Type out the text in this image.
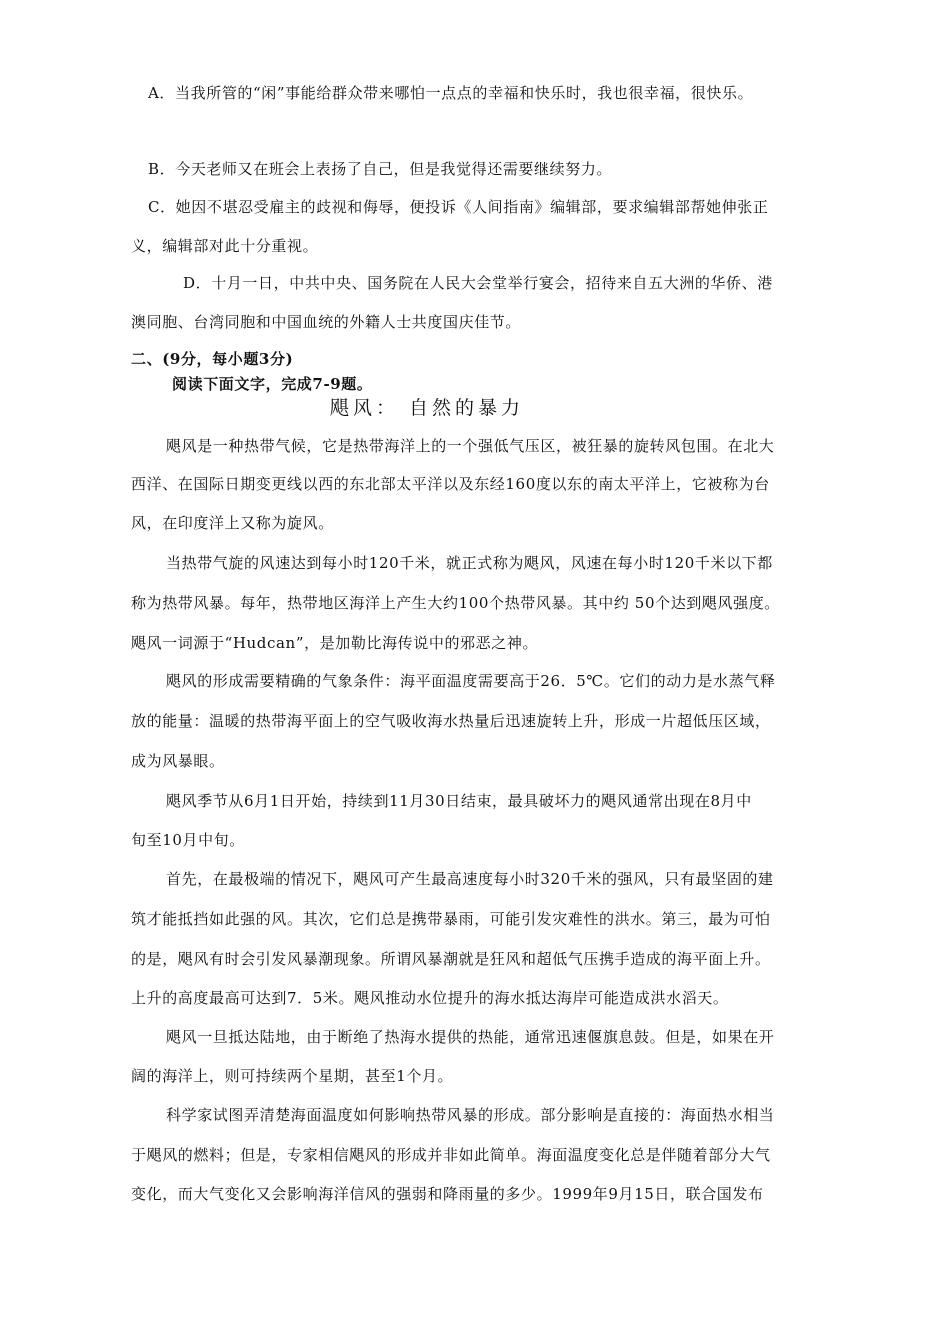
A．当我所管的“闲”事能给群众带来哪怕一点点的幸福和快乐时，我也很幸福，很快乐。
B．今天老师又在班会上表扬了自己，但是我觉得还需要继续努力。
C．她因不堪忍受雇主的歧视和侮辱，便投诉《人间指南》编辑部，要求编辑部帮她伸张正
义，编辑部对此十分重视。
D．十月一日，中共中央、国务院在人民大会堂举行宴会，招待来自五大洲的华侨、港
澳同胞、台湾同胞和中国血统的外籍人士共度国庆佳节。
二、(9分，每小题3分)
阅读下面文字，完成7-9题。
飓风： 自然的暴力
飓风是一种热带气候，它是热带海洋上的一个强低气压区，被狂暴的旋转风包围。在北大
西洋、在国际日期变更线以西的东北部太平洋以及东经160度以东的南太平洋上，它被称为台
风，在印度洋上又称为旋风。
当热带气旋的风速达到每小时120千米，就正式称为飓风，风速在每小时120千米以下都
称为热带风暴。每年，热带地区海洋上产生大约100个热带风暴。其中约 50个达到飓风强度。
飓风一词源于“Hudcan”，是加勒比海传说中的邪恶之神。
飓风的形成需要精确的气象条件：海平面温度需要高于26．5℃。它们的动力是水蒸气释
放的能量：温暖的热带海平面上的空气吸收海水热量后迅速旋转上升，形成一片超低压区域，
成为风暴眼。
飓风季节从6月1日开始，持续到11月30日结束，最具破坏力的飓风通常出现在8月中
旬至10月中旬。
首先，在最极端的情况下，飓风可产生最高速度每小时320千米的强风，只有最坚固的建
筑才能抵挡如此强的风。其次，它们总是携带暴雨，可能引发灾难性的洪水。第三，最为可怕
的是，飓风有时会引发风暴潮现象。所谓风暴潮就是狂风和超低气压携手造成的海平面上升。
上升的高度最高可达到7．5米。飓风推动水位提升的海水抵达海岸可能造成洪水滔天。
飓风一旦抵达陆地，由于断绝了热海水提供的热能，通常迅速偃旗息鼓。但是，如果在开
阔的海洋上，则可持续两个星期，甚至1个月。
科学家试图弄清楚海面温度如何影响热带风暴的形成。部分影响是直接的：海面热水相当
于飓风的燃料；但是，专家相信飓风的形成并非如此简单。海面温度变化总是伴随着部分大气
变化，而大气变化又会影响海洋信风的强弱和降雨量的多少。1999年9月15日，联合国发布
